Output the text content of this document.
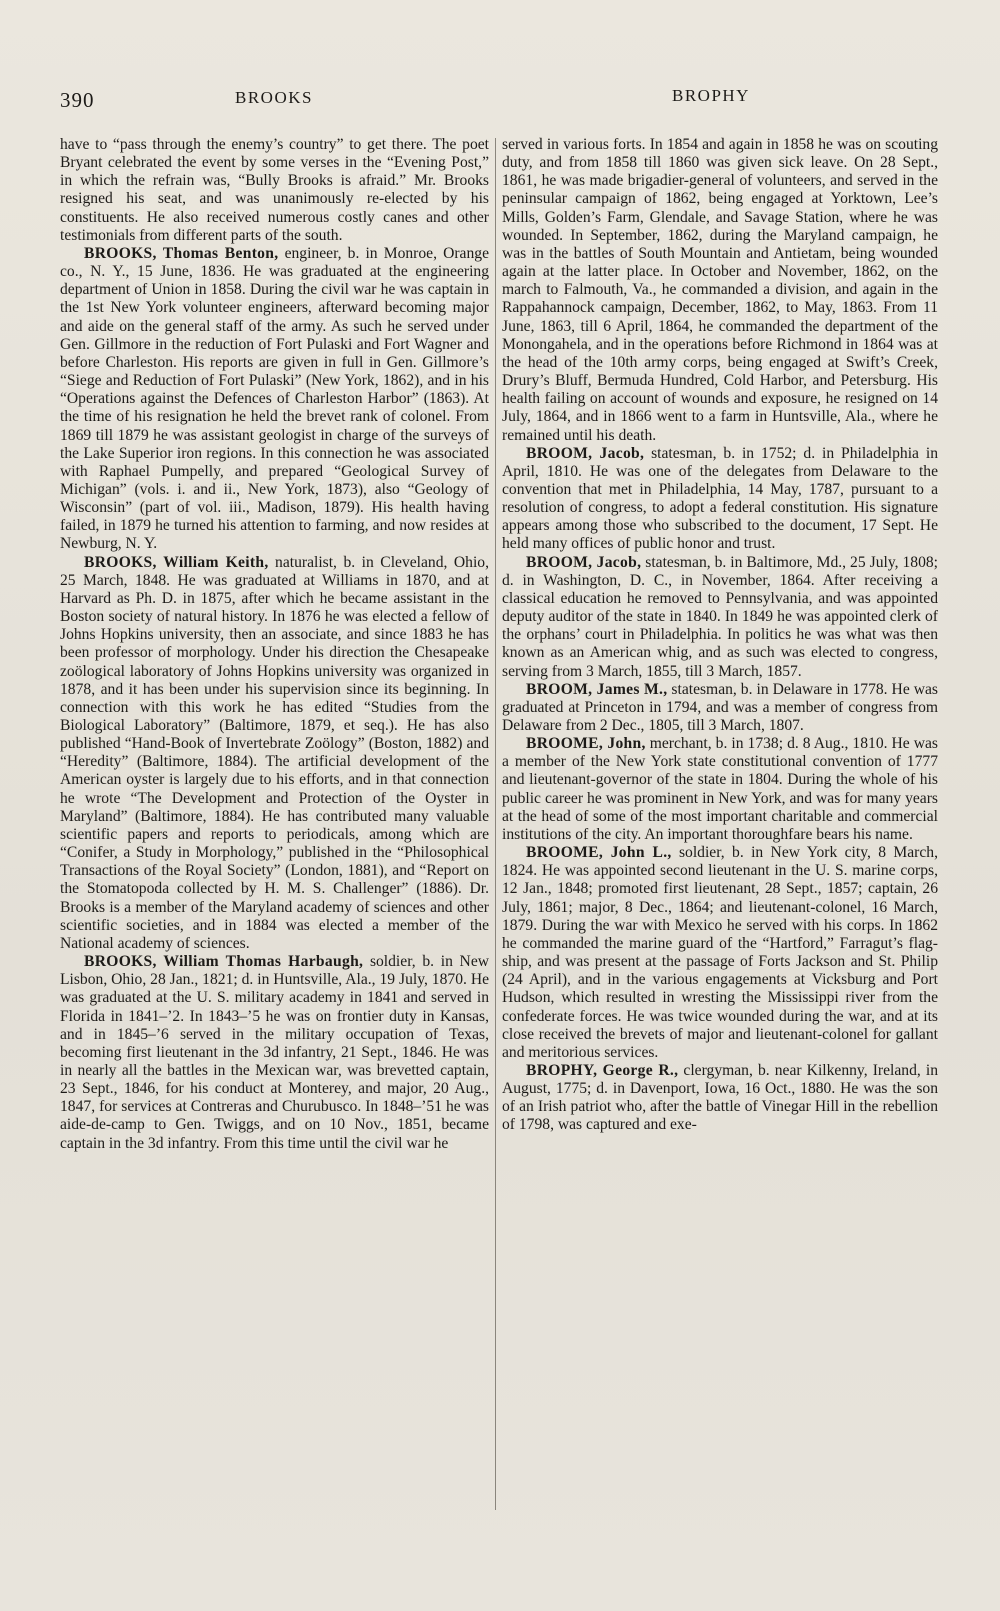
390	BROOKS	BROPHY

have to “pass through the enemy’s country” to get there. The poet Bryant celebrated the event by some verses in the “Evening Post,” in which the refrain was, “Bully Brooks is afraid.” Mr. Brooks resigned his seat, and was unanimously re-elected by his constituents. He also received numerous costly canes and other testimonials from different parts of the south.

BROOKS, Thomas Benton, engineer, b. in Monroe, Orange co., N. Y., 15 June, 1836. He was graduated at the engineering department of Union in 1858. During the civil war he was captain in the 1st New York volunteer engineers, afterward becoming major and aide on the general staff of the army. As such he served under Gen. Gillmore in the reduction of Fort Pulaski and Fort Wagner and before Charleston. His reports are given in full in Gen. Gillmore’s “Siege and Reduction of Fort Pulaski” (New York, 1862), and in his “Operations against the Defences of Charleston Harbor” (1863). At the time of his resignation he held the brevet rank of colonel. From 1869 till 1879 he was assistant geologist in charge of the surveys of the Lake Superior iron regions. In this connection he was associated with Raphael Pumpelly, and prepared “Geological Survey of Michigan” (vols. i. and ii., New York, 1873), also “Geology of Wisconsin” (part of vol. iii., Madison, 1879). His health having failed, in 1879 he turned his attention to farming, and now resides at Newburg, N. Y.

BROOKS, William Keith, naturalist, b. in Cleveland, Ohio, 25 March, 1848. He was graduated at Williams in 1870, and at Harvard as Ph. D. in 1875, after which he became assistant in the Boston society of natural history. In 1876 he was elected a fellow of Johns Hopkins university, then an associate, and since 1883 he has been professor of morphology. Under his direction the Chesapeake zoölogical laboratory of Johns Hopkins university was organized in 1878, and it has been under his supervision since its beginning. In connection with this work he has edited “Studies from the Biological Laboratory” (Baltimore, 1879, et seq.). He has also published “Hand-Book of Invertebrate Zoölogy” (Boston, 1882) and “Heredity” (Baltimore, 1884). The artificial development of the American oyster is largely due to his efforts, and in that connection he wrote “The Development and Protection of the Oyster in Maryland” (Baltimore, 1884). He has contributed many valuable scientific papers and reports to periodicals, among which are “Conifer, a Study in Morphology,” published in the “Philosophical Transactions of the Royal Society” (London, 1881), and “Report on the Stomatopoda collected by H. M. S. Challenger” (1886). Dr. Brooks is a member of the Maryland academy of sciences and other scientific societies, and in 1884 was elected a member of the National academy of sciences.

BROOKS, William Thomas Harbaugh, soldier, b. in New Lisbon, Ohio, 28 Jan., 1821; d. in Huntsville, Ala., 19 July, 1870. He was graduated at the U. S. military academy in 1841 and served in Florida in 1841–’2. In 1843–’5 he was on frontier duty in Kansas, and in 1845–’6 served in the military occupation of Texas, becoming first lieutenant in the 3d infantry, 21 Sept., 1846. He was in nearly all the battles in the Mexican war, was brevetted captain, 23 Sept., 1846, for his conduct at Monterey, and major, 20 Aug., 1847, for services at Contreras and Churubusco. In 1848–’51 he was aide-de-camp to Gen. Twiggs, and on 10 Nov., 1851, became captain in the 3d infantry. From this time until the civil war he

served in various forts. In 1854 and again in 1858 he was on scouting duty, and from 1858 till 1860 was given sick leave. On 28 Sept., 1861, he was made brigadier-general of volunteers, and served in the peninsular campaign of 1862, being engaged at Yorktown, Lee’s Mills, Golden’s Farm, Glendale, and Savage Station, where he was wounded. In September, 1862, during the Maryland campaign, he was in the battles of South Mountain and Antietam, being wounded again at the latter place. In October and November, 1862, on the march to Falmouth, Va., he commanded a division, and again in the Rappahannock campaign, December, 1862, to May, 1863. From 11 June, 1863, till 6 April, 1864, he commanded the department of the Monongahela, and in the operations before Richmond in 1864 was at the head of the 10th army corps, being engaged at Swift’s Creek, Drury’s Bluff, Bermuda Hundred, Cold Harbor, and Petersburg. His health failing on account of wounds and exposure, he resigned on 14 July, 1864, and in 1866 went to a farm in Huntsville, Ala., where he remained until his death.

BROOM, Jacob, statesman, b. in 1752; d. in Philadelphia in April, 1810. He was one of the delegates from Delaware to the convention that met in Philadelphia, 14 May, 1787, pursuant to a resolution of congress, to adopt a federal constitution. His signature appears among those who subscribed to the document, 17 Sept. He held many offices of public honor and trust.

BROOM, Jacob, statesman, b. in Baltimore, Md., 25 July, 1808; d. in Washington, D. C., in November, 1864. After receiving a classical education he removed to Pennsylvania, and was appointed deputy auditor of the state in 1840. In 1849 he was appointed clerk of the orphans’ court in Philadelphia. In politics he was what was then known as an American whig, and as such was elected to congress, serving from 3 March, 1855, till 3 March, 1857.

BROOM, James M., statesman, b. in Delaware in 1778. He was graduated at Princeton in 1794, and was a member of congress from Delaware from 2 Dec., 1805, till 3 March, 1807.

BROOME, John, merchant, b. in 1738; d. 8 Aug., 1810. He was a member of the New York state constitutional convention of 1777 and lieutenant-governor of the state in 1804. During the whole of his public career he was prominent in New York, and was for many years at the head of some of the most important charitable and commercial institutions of the city. An important thoroughfare bears his name.

BROOME, John L., soldier, b. in New York city, 8 March, 1824. He was appointed second lieutenant in the U. S. marine corps, 12 Jan., 1848; promoted first lieutenant, 28 Sept., 1857; captain, 26 July, 1861; major, 8 Dec., 1864; and lieutenant-colonel, 16 March, 1879. During the war with Mexico he served with his corps. In 1862 he commanded the marine guard of the “Hartford,” Farragut’s flag-ship, and was present at the passage of Forts Jackson and St. Philip (24 April), and in the various engagements at Vicksburg and Port Hudson, which resulted in wresting the Mississippi river from the confederate forces. He was twice wounded during the war, and at its close received the brevets of major and lieutenant-colonel for gallant and meritorious services.

BROPHY, George R., clergyman, b. near Kilkenny, Ireland, in August, 1775; d. in Davenport, Iowa, 16 Oct., 1880. He was the son of an Irish patriot who, after the battle of Vinegar Hill in the rebellion of 1798, was captured and exe-
